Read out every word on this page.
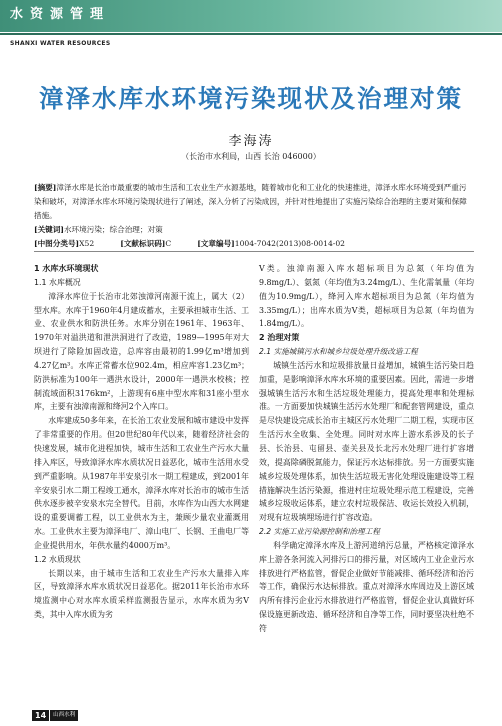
水资源管理
SHANXI WATER RESOURCES
漳泽水库水环境污染现状及治理对策
李海涛
（长治市水利局，山西 长治 046000）

[摘要]漳泽水库是长治市最重要的城市生活和工农业生产水源基地，随着城市化和工业化的快速推进，漳泽水库水环境受到严重污染和破坏，对漳泽水库水环境污染现状进行了阐述，深入分析了污染成因，并针对性地提出了实施污染综合治理的主要对策和保障措施。

[关键词]水环境污染；综合治理；对策

[中图分类号]X52	[文献标识码]C	[文章编号]1004-7042(2013)08-0014-02

1 水库水环境现状

1.1 水库概况

漳泽水库位于长治市北郊浊漳河南源干流上，属大（2）型水库。水库于1960年4月建成蓄水，主要承担城市生活、工业、农业供水和防洪任务。水库分别在1961年、1963年、1970年对溢洪道和泄洪洞进行了改造，1989—1995年对大坝进行了除险加固改造，总库容由最初的1.99亿m³增加到4.27亿m³。水库正常蓄水位902.4m，相应库容1.23亿m³；防洪标准为100年一遇洪水设计，2000年一遇洪水校核；控制流域面积3176km²，上游现有6座中型水库和31座小型水库，主要有浊漳南源和绛河2个入库口。

水库建成50多年来，在长治工农业发展和城市建设中发挥了非常重要的作用。但20世纪80年代以来，随着经济社会的快速发展，城市化进程加快，城市生活和工农业生产污水大量排入库区，导致漳泽水库水质状况日益恶化，城市生活用水受到严重影响。从1987年半安泉引水一期工程建成，到2001年辛安泉引水二期工程竣工通水，漳泽水库对长治市的城市生活供水逐步被辛安泉水完全替代。目前，水库作为山西大水网建设的重要调蓄工程，以工业供水为主，兼顾少量农业灌溉用水。工业供水主要为漳泽电厂、漳山电厂、长钢、王曲电厂等企业提供用水，年供水量约4000万m³。

1.2 水质现状

长期以来，由于城市生活和工农业生产污水大量排入库区，导致漳泽水库水质状况日益恶化。据2011年长治市水环境监测中心对水库水质采样监测报告显示，水库水质为劣V类，其中入库水质为劣

V类。浊漳南源入库水超标项目为总氮（年均值为9.8mg/L）、氨氮（年均值为3.24mg/L）、生化需氧量（年均值为10.9mg/L），绛河入库水超标项目为总氮（年均值为3.35mg/L）；出库水质为V类，超标项目为总氮（年均值为1.84mg/L）。

2 治理对策

2.1 实施城镇污水和城乡垃圾处理升级改造工程

城镇生活污水和垃圾排放量日益增加，城镇生活污染日趋加重，是影响漳泽水库水环境的重要因素。因此，需进一步增强城镇生活污水和生活垃圾处理能力，提高处理率和处理标准。一方面要加快城镇生活污水处理厂和配套管网建设，重点是尽快建设完成长治市主城区污水处理厂二期工程，实现市区生活污水全收集、全处理。同时对水库上游水系涉及的长子县、长治县、屯留县、壶关县及长北污水处理厂进行扩容增效，提高除磷脱氮能力，保证污水达标排放。另一方面要实施城乡垃圾处理体系，加快生活垃圾无害化处理设施建设等工程措施解决生活污染源，推进村庄垃圾处理示范工程建设，完善城乡垃圾收运体系，建立农村垃圾保洁、收运长效投入机制，对现有垃圾填埋场进行扩容改造。

2.2 实施工业污染源控制和治理工程

科学确定漳泽水库及上游河道纳污总量，严格核定漳泽水库上游各条河流入河排污口的排污量，对区域内工业企业污水排放进行严格监管，督促企业做好节能减排、循环经济和治污等工作，确保污水达标排放。重点对漳泽水库周边及上游区域内所有排污企业污水排放进行严格监管，督促企业认真做好环保设施更新改造、循环经济和自净等工作，同时要坚决杜绝不符

14	山西水利
